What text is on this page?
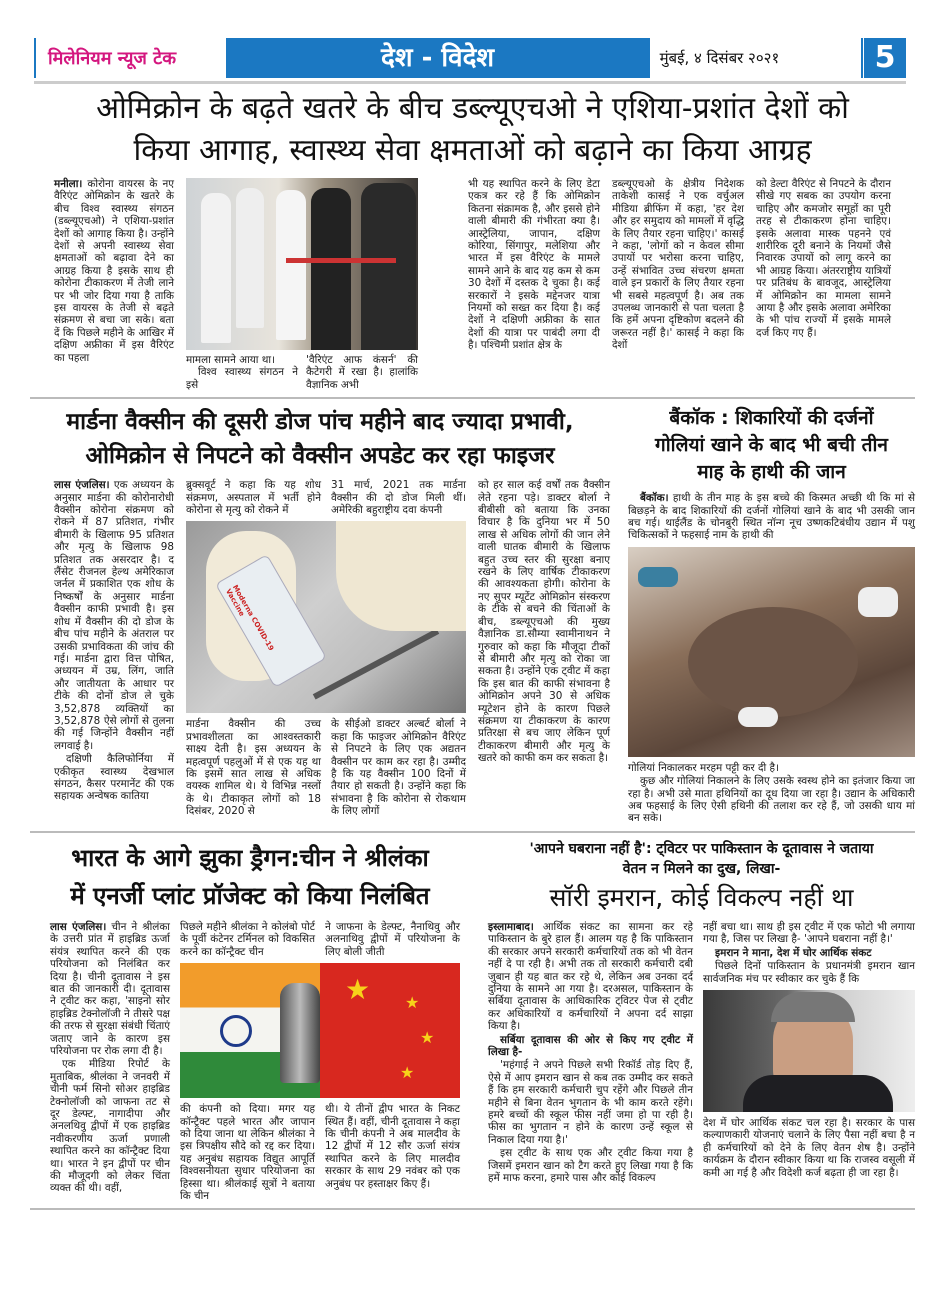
मिलेनियम न्यूज टेक	देश - विदेश	मुंबई, ४ दिसंबर २०२१	5
ओमिक्रोन के बढ़ते खतरे के बीच डब्ल्यूएचओ ने एशिया-प्रशांत देशों को
किया आगाह, स्वास्थ्य सेवा क्षमताओं को बढ़ाने का किया आग्रह
मनीला। कोरोना वायरस के नए वैरिएंट ओमिक्रोन के खतरे के बीच विश्व स्वास्थ्य संगठन (डब्ल्यूएचओ) ने एशिया-प्रशांत देशों को आगाह किया है। उन्होंने देशों से अपनी स्वास्थ्य सेवा क्षमताओं को बढ़ावा देने का आग्रह किया है इसके साथ ही कोरोना टीकाकरण में तेजी लाने पर भी जोर दिया गया है ताकि इस वायरस के तेजी से बढ़ते संक्रमण से बचा जा सके। बता दें कि पिछले महीने के आखिर में दक्षिण अफ्रीका में इस वैरिएंट का पहला	मामला सामने आया था।
विश्व स्वास्थ्य संगठन ने इसे
'वैरिएंट आफ कंसर्न' की कैटेगरी में रखा है। हालांकि वैज्ञानिक अभी
भी यह स्थापित करने के लिए डेटा एकत्र कर रहे हैं कि ओमिक्रोन कितना संक्रामक है, और इससे होने वाली बीमारी की गंभीरता क्या है। आस्ट्रेलिया, जापान, दक्षिण कोरिया, सिंगापुर, मलेशिया और भारत में इस वैरिएंट के मामले सामने आने के बाद यह कम से कम 30 देशों में दस्तक दे चुका है। कई सरकारों ने इसके मद्देनजर यात्रा नियमों को सख्त कर दिया है। कई देशों ने दक्षिणी अफ्रीका के सात देशों की यात्रा पर पाबंदी लगा दी है। पश्चिमी प्रशांत क्षेत्र के
डब्ल्यूएचओ के क्षेत्रीय निदेशक ताकेशी कासई ने एक वर्चुअल मीडिया ब्रीफिंग में कहा, 'हर देश और हर समुदाय को मामलों में वृद्धि के लिए तैयार रहना चाहिए।' कासई ने कहा, 'लोगों को न केवल सीमा उपायों पर भरोसा करना चाहिए, उन्हें संभावित उच्च संचरण क्षमता वाले इन प्रकारों के लिए तैयार रहना भी सबसे महत्वपूर्ण है। अब तक उपलब्ध जानकारी से पता चलता है कि हमें अपना दृष्टिकोण बदलने की जरूरत नहीं है।' कासई ने कहा कि देशों
को डेल्टा वैरिएंट से निपटने के दौरान सीखे गए सबक का उपयोग करना चाहिए और कमजोर समूहों का पूरी तरह से टीकाकरण होना चाहिए। इसके अलावा मास्क पहनने एवं शारीरिक दूरी बनाने के नियमों जैसे निवारक उपायों को लागू करने का भी आग्रह किया। अंतरराष्ट्रीय यात्रियों पर प्रतिबंध के बावजूद, आस्ट्रेलिया में ओमिक्रोन का मामला सामने आया है और इसके अलावा अमेरिका के भी पांच राज्यों में इसके मामले दर्ज किए गए हैं।
मार्डना वैक्सीन की दूसरी डोज पांच महीने बाद ज्यादा प्रभावी,
ओमिक्रोन से निपटने को वैक्सीन अपडेट कर रहा फाइजर
लास एंजलिस। एक अध्ययन के अनुसार मार्डना की कोरोनारोधी वैक्सीन कोरोना संक्रमण को रोकने में 87 प्रतिशत, गंभीर बीमारी के खिलाफ 95 प्रतिशत और मृत्यु के खिलाफ 98 प्रतिशत तक असरदार है। द लैंसेट रीजनल हेल्थ अमेरिकाज जर्नल में प्रकाशित एक शोध के निष्कर्षों के अनुसार मार्डना वैक्सीन काफी प्रभावी है। इस शोध में वैक्सीन की दो डोज के बीच पांच महीने के अंतराल पर उसकी प्रभाविकता की जांच की गई। मार्डना द्वारा वित्त पोषित, अध्ययन में उम्र, लिंग, जाति और जातीयता के आधार पर टीके की दोनों डोज ले चुके 3,52,878 व्यक्तियों का 3,52,878 ऐसे लोगों से तुलना की गई जिन्होंने वैक्सीन नहीं लगवाई है।

दक्षिणी कैलिफोर्निया में एकीकृत स्वास्थ्य देखभाल संगठन, कैसर परमानेंट की एक सहायक अन्वेषक कातिया

ब्रुक्सवूर्ट ने कहा कि यह शोध संक्रमण, अस्पताल में भर्ती होने कोरोना से मृत्यु को रोकने में
31 मार्च, 2021 तक मार्डना वैक्सीन की दो डोज मिली थीं। अमेरिकी बहुराष्ट्रीय दवा कंपनी
Moderna COVID-19 Vaccine
मार्डना वैक्सीन की उच्च प्रभावशीलता का आश्वस्तकारी साक्ष्य देती है। इस अध्ययन के महत्वपूर्ण पहलुओं में से एक यह था कि इसमें सात लाख से अधिक वयस्क शामिल थे। ये विभिन्न नस्लों के थे। टीकाकृत लोगों को 18 दिसंबर, 2020 से
के सीईओ डाक्टर अल्बर्ट बोर्ला ने कहा कि फाइजर ओमिक्रोन वैरिएंट से निपटने के लिए एक अद्यतन वैक्सीन पर काम कर रहा है। उम्मीद है कि यह वैक्सीन 100 दिनों में तैयार हो सकती है। उन्होंने कहा कि संभावना है कि कोरोना से रोकथाम के लिए लोगों
को हर साल कई वर्षों तक वैक्सीन लेते रहना पड़े। डाक्टर बोर्ला ने बीबीसी को बताया कि उनका विचार है कि दुनिया भर में 50 लाख से अधिक लोगों की जान लेने वाली घातक बीमारी के खिलाफ बहुत उच्च स्तर की सुरक्षा बनाए रखने के लिए वार्षिक टीकाकरण की आवश्यकता होगी। कोरोना के नए सुपर म्यूटेंट ओमिक्रोन संस्करण के टीके से बचने की चिंताओं के बीच, डब्ल्यूएचओ की मुख्य वैज्ञानिक डा.सौम्या स्वामीनाथन ने गुरुवार को कहा कि मौजूदा टीकों से बीमारी और मृत्यु को रोका जा सकता है। उन्होंने एक ट्वीट में कहा कि इस बात की काफी संभावना है ओमिक्रोन अपने 30 से अधिक म्यूटेशन होने के कारण पिछले संक्रमण या टीकाकरण के कारण प्रतिरक्षा से बच जाए लेकिन पूर्ण टीकाकरण बीमारी और मृत्यु के खतरे को काफी कम कर सकता है।
बैंकॉक : शिकारियों की दर्जनों
गोलियां खाने के बाद भी बची तीन
माह के हाथी की जान
बैंकॉक। हाथी के तीन माह के इस बच्चे की किस्मत अच्छी थी कि मां से बिछड़ने के बाद शिकारियों की दर्जनों गोलियां खाने के बाद भी उसकी जान बच गई। थाईलैंड के चोनबुरी स्थित नॉन्ग नूच उष्णकटिबंधीय उद्यान में पशु चिकित्सकों ने फहसाई नाम के हाथी की
गोलियां निकालकर मरहम पट्टी कर दी है।

कुछ और गोलियां निकालने के लिए उसके स्वस्थ होने का इतंजार किया जा रहा है। अभी उसे माता हथिनियों का दूध दिया जा रहा है। उद्यान के अधिकारी अब फहसाई के लिए ऐसी हथिनी की तलाश कर रहे हैं, जो उसकी धाय मां बन सके।

भारत के आगे झुका ड्रैगन:चीन ने श्रीलंका
में एनर्जी प्लांट प्रॉजेक्ट को किया निलंबित
लास एंजलिस। चीन ने श्रीलंका के उत्तरी प्रांत में हाइब्रिड ऊर्जा संयंत्र स्थापित करने की एक परियोजना को निलंबित कर दिया है। चीनी दूतावास ने इस बात की जानकारी दी। दूतावास ने ट्वीट कर कहा, 'साइनो सोर हाइब्रिड टेक्नोलॉजी ने तीसरे पक्ष की तरफ से सुरक्षा संबंधी चिंताएं जताए जाने के कारण इस परियोजना पर रोक लगा दी है।

एक मीडिया रिपोर्ट के मुताबिक, श्रीलंका ने जनवरी में चीनी फर्म सिनो सोअर हाइब्रिड टेक्नोलॉजी को जाफना तट से दूर डेल्फ्ट, नागादीपा और अनलथिवु द्वीपों में एक हाइब्रिड नवीकरणीय ऊर्जा प्रणाली स्थापित करने का कॉन्ट्रैक्ट दिया था। भारत ने इन द्वीपों पर चीन की मौजूदगी को लेकर चिंता व्यक्त की थी। वहीं,

पिछले महीने श्रीलंका ने कोलंबो पोर्ट के पूर्वी कंटेनर टर्मिनल को विकसित करने का कॉन्ट्रैक्ट चीन
ने जाफना के डेल्फ्ट, नैनाथिवु और अलनाथिवु द्वीपों में परियोजना के लिए बोली जीती
★ ★
★
★
की कंपनी को दिया। मगर यह कॉन्ट्रैक्ट पहले भारत और जापान को दिया जाना था लेकिन श्रीलंका ने इस त्रिपक्षीय सौदे को रद्द कर दिया। यह अनुबंध सहायक विद्युत आपूर्ति विश्वसनीयता सुधार परियोजना का हिस्सा था। श्रीलंकाई सूत्रों ने बताया कि चीन
थी। ये तीनों द्वीप भारत के निकट स्थित हैं। वहीं, चीनी दूतावास ने कहा कि चीनी कंपनी ने अब मालदीव के 12 द्वीपों में 12 सौर ऊर्जा संयंत्र स्थापित करने के लिए मालदीव सरकार के साथ 29 नवंबर को एक अनुबंध पर हस्ताक्षर किए हैं।
'आपने घबराना नहीं है': ट्विटर पर पाकिस्तान के दूतावास ने जताया
वेतन न मिलने का दुख, लिखा-
सॉरी इमरान, कोई विकल्प नहीं था
इस्लामाबाद। आर्थिक संकट का सामना कर रहे पाकिस्तान के बुरे हाल हैं। आलम यह है कि पाकिस्तान की सरकार अपने सरकारी कर्मचारियों तक को भी वेतन नहीं दे पा रही है। अभी तक तो सरकारी कर्मचारी दबी जुबान ही यह बात कर रहे थे, लेकिन अब उनका दर्द दुनिया के सामने आ गया है। दरअसल, पाकिस्तान के सर्बिया दूतावास के आधिकारिक ट्विटर पेज से ट्वीट कर अधिकारियों व कर्मचारियों ने अपना दर्द साझा किया है।

सर्बिया दूतावास की ओर से किए गए ट्वीट में लिखा है-

'महंगाई ने अपने पिछले सभी रिकॉर्ड तोड़ दिए हैं, ऐसे में आप इमरान खान से कब तक उम्मीद कर सकते हैं कि हम सरकारी कर्मचारी चुप रहेंगे और पिछले तीन महीने से बिना वेतन भुगतान के भी काम करते रहेंगे। हमरे बच्चों की स्कूल फीस नहीं जमा हो पा रही है। फीस का भुगतान न होने के कारण उन्हें स्कूल से निकाल दिया गया है।'

इस ट्वीट के साथ एक और ट्वीट किया गया है जिसमें इमरान खान को टैग करते हुए लिखा गया है कि हमें माफ करना, हमारे पास और कोई विकल्प

नहीं बचा था। साथ ही इस ट्वीट में एक फोटो भी लगाया गया है, जिस पर लिखा है- 'आपने घबराना नहीं है।'

इमरान ने माना, देश में घोर आर्थिक संकट

पिछले दिनों पाकिस्तान के प्रधानमंत्री इमरान खान सार्वजनिक मंच पर स्वीकार कर चुके हैं कि

देश में घोर आर्थिक संकट चल रहा है। सरकार के पास कल्याणकारी योजनाएं चलाने के लिए पैसा नहीं बचा है न ही कर्मचारियों को देने के लिए वेतन शेष है। उन्होंने कार्यक्रम के दौरान स्वीकार किया था कि राजस्व वसूली में कमी आ गई है और विदेशी कर्ज बढ़ता ही जा रहा है।
